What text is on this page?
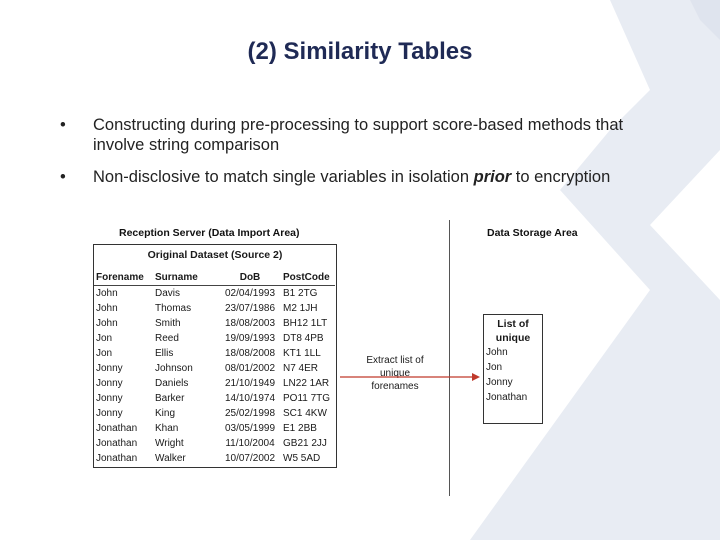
(2) Similarity Tables
• Constructing during pre-processing to support score-based methods that involve string comparison
• Non-disclosive to match single variables in isolation prior to encryption
Reception Server (Data Import Area)	Data Storage Area
Original Dataset (Source 2)
Forename	Surname	DoB	PostCode
John	Davis	02/04/1993	B1 2TG
John	Thomas	23/07/1986	M2 1JH
John	Smith	18/08/2003	BH12 1LT
Jon	Reed	19/09/1993	DT8 4PB
Jon	Ellis	18/08/2008	KT1 1LL
Jonny	Johnson	08/01/2002	N7 4ER
Jonny	Daniels	21/10/1949	LN22 1AR
Jonny	Barker	14/10/1974	PO11 7TG
Jonny	King	25/02/1998	SC1 4KW
Jonathan	Khan	03/05/1999	E1 2BB
Jonathan	Wright	11/10/2004	GB21 2JJ
Jonathan	Walker	10/07/2002	W5 5AD
Extract list of unique forenames
List of unique
John
Jon
Jonny
Jonathan
